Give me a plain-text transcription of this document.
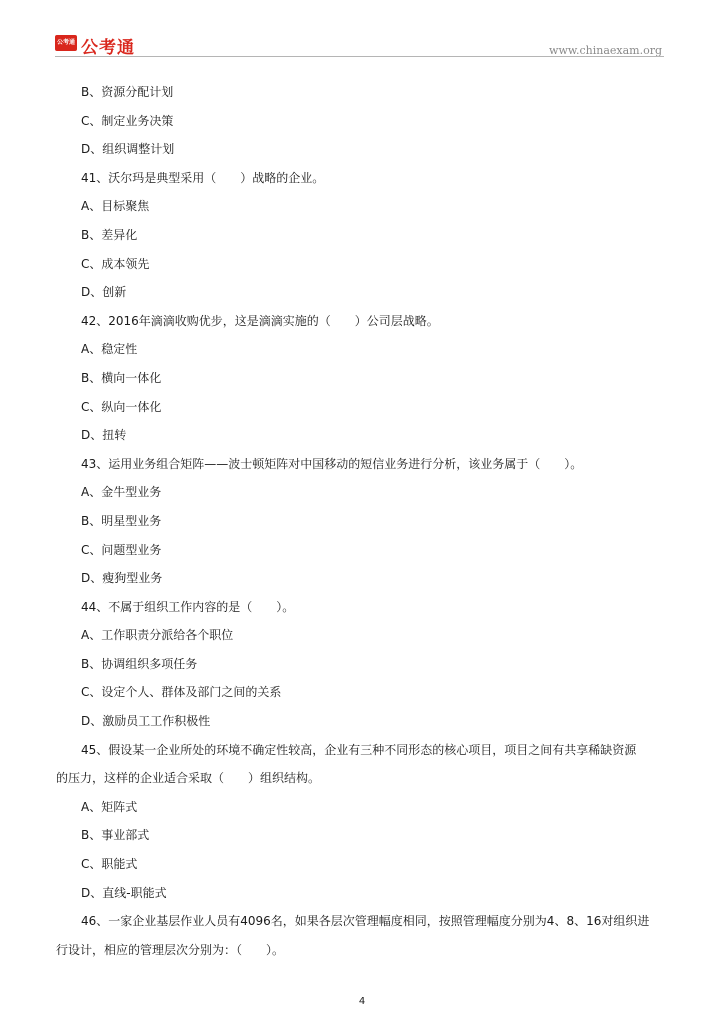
公考通 公考通	www.chinaexam.org
B、资源分配计划
C、制定业务决策
D、组织调整计划
41、沃尔玛是典型采用（　　）战略的企业。
A、目标聚焦
B、差异化
C、成本领先
D、创新
42、2016年滴滴收购优步，这是滴滴实施的（　　）公司层战略。
A、稳定性
B、横向一体化
C、纵向一体化
D、扭转
43、运用业务组合矩阵——波士顿矩阵对中国移动的短信业务进行分析，该业务属于（　　）。
A、金牛型业务
B、明星型业务
C、问题型业务
D、瘦狗型业务
44、不属于组织工作内容的是（　　）。
A、工作职责分派给各个职位
B、协调组织多项任务
C、设定个人、群体及部门之间的关系
D、激励员工工作积极性
45、假设某一企业所处的环境不确定性较高，企业有三种不同形态的核心项目，项目之间有共享稀缺资源
的压力，这样的企业适合采取（　　）组织结构。
A、矩阵式
B、事业部式
C、职能式
D、直线-职能式
46、一家企业基层作业人员有4096名，如果各层次管理幅度相同，按照管理幅度分别为4、8、16对组织进
行设计，相应的管理层次分别为：（　　）。
4
